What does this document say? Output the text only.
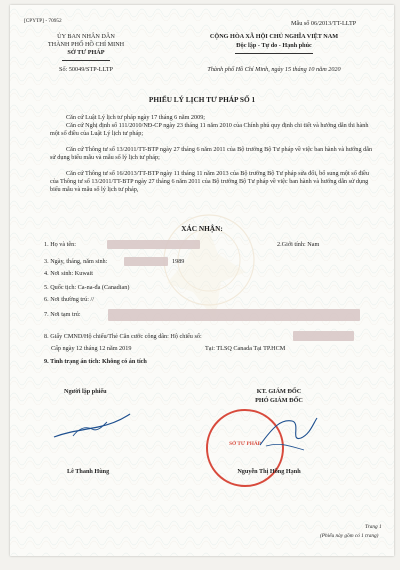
[CPYTP] - 70952	Mẫu số 06/2013/TT-LLTP
ỦY BAN NHÂN DÂN
THÀNH PHỐ HỒ CHÍ MINH
SỞ TƯ PHÁP
Số: 50049/STP-LLTP
CỘNG HÒA XÃ HỘI CHỦ NGHĨA VIỆT NAM
Độc lập - Tự do - Hạnh phúc
Thành phố Hồ Chí Minh, ngày 15 tháng 10 năm 2020
PHIẾU LÝ LỊCH TƯ PHÁP SỐ 1
Căn cứ Luật Lý lịch tư pháp ngày 17 tháng 6 năm 2009;
Căn cứ Nghị định số 111/2010/NĐ-CP ngày 23 tháng 11 năm 2010 của Chính phủ quy định chi tiết và hướng dẫn thi hành một số điều của Luật Lý lịch tư pháp;
Căn cứ Thông tư số 13/2011/TT-BTP ngày 27 tháng 6 năm 2011 của Bộ trưởng Bộ Tư pháp về việc ban hành và hướng dẫn sử dụng biểu mẫu và mẫu sổ lý lịch tư pháp;
Căn cứ Thông tư số 16/2013/TT-BTP ngày 11 tháng 11 năm 2013 của Bộ trưởng Bộ Tư pháp sửa đổi, bổ sung một số điều của Thông tư số 13/2011/TT-BTP ngày 27 tháng 6 năm 2011 của Bộ trưởng Bộ Tư pháp về việc ban hành và hướng dẫn sử dụng biểu mẫu và mẫu sổ lý lịch tư pháp,
XÁC NHẬN:
1. Họ và tên:	2.Giới tính: Nam
3. Ngày, tháng, năm sinh:	1989
4. Nơi sinh: Kuwait
5. Quốc tịch: Ca-na-đa (Canadian)
6. Nơi thường trú: //
7. Nơi tạm trú:
8. Giấy CMND/Hộ chiếu/Thẻ Căn cước công dân: Hộ chiếu số:
Cấp ngày 12 tháng 12 năm 2019	Tại: TLSQ Canada Tại TP.HCM
9. Tình trạng án tích: Không có án tích
Người lập phiếu
Lê Thanh Hùng
KT. GIÁM ĐỐC
PHÓ GIÁM ĐỐC
SỞ TƯ PHÁP
Nguyễn Thị Hồng Hạnh
Trang 1
(Phiếu này gồm có 1 trang)
